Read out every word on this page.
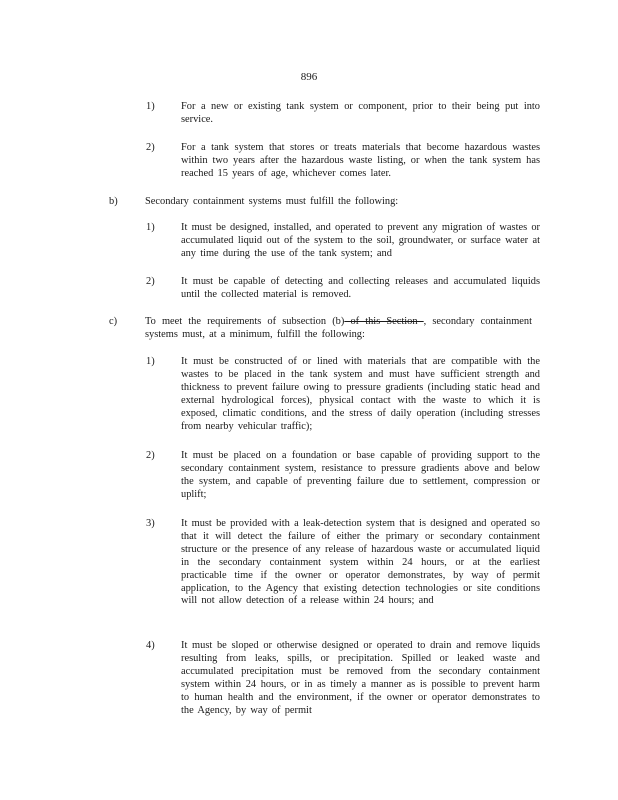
896
1)	For a new or existing tank system or component, prior to their being put into service.
2)	For a tank system that stores or treats materials that become hazardous wastes within two years after the hazardous waste listing, or when the tank system has reached 15 years of age, whichever comes later.
b)	Secondary containment systems must fulfill the following:
1)	It must be designed, installed, and operated to prevent any migration of wastes or accumulated liquid out of the system to the soil, groundwater, or surface water at any time during the use of the tank system; and
2)	It must be capable of detecting and collecting releases and accumulated liquids until the collected material is removed.
c)	To meet the requirements of subsection (b) of this Section , secondary containment systems must, at a minimum, fulfill the following:
1)	It must be constructed of or lined with materials that are compatible with the wastes to be placed in the tank system and must have sufficient strength and thickness to prevent failure owing to pressure gradients (including static head and external hydrological forces), physical contact with the waste to which it is exposed, climatic conditions, and the stress of daily operation (including stresses from nearby vehicular traffic);
2)	It must be placed on a foundation or base capable of providing support to the secondary containment system, resistance to pressure gradients above and below the system, and capable of preventing failure due to settlement, compression or uplift;
3)	It must be provided with a leak-detection system that is designed and operated so that it will detect the failure of either the primary or secondary containment structure or the presence of any release of hazardous waste or accumulated liquid in the secondary containment system within 24 hours, or at the earliest practicable time if the owner or operator demonstrates, by way of permit application, to the Agency that existing detection technologies or site conditions will not allow detection of a release within 24 hours; and
4)	It must be sloped or otherwise designed or operated to drain and remove liquids resulting from leaks, spills, or precipitation. Spilled or leaked waste and accumulated precipitation must be removed from the secondary containment system within 24 hours, or in as timely a manner as is possible to prevent harm to human health and the environment, if the owner or operator demonstrates to the Agency, by way of permit
